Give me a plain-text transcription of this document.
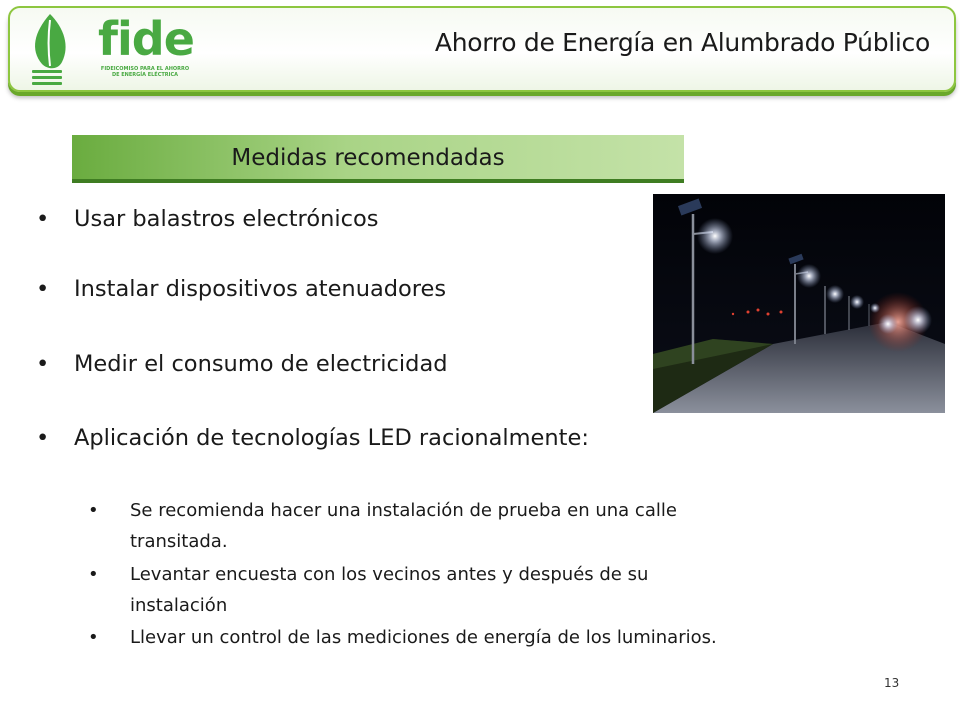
fide
FIDEICOMISO PARA EL AHORRO DE ENERGÍA ELÉCTRICA
Ahorro de Energía en Alumbrado Público
Medidas recomendadas
• Usar balastros electrónicos
• Instalar dispositivos atenuadores
• Medir el consumo de electricidad
• Aplicación de tecnologías LED racionalmente:
• Se recomienda hacer una instalación de prueba en una calle transitada.
• Levantar encuesta con los vecinos antes y después de su instalación
• Llevar un control de las mediciones de energía de los luminarios.
13
